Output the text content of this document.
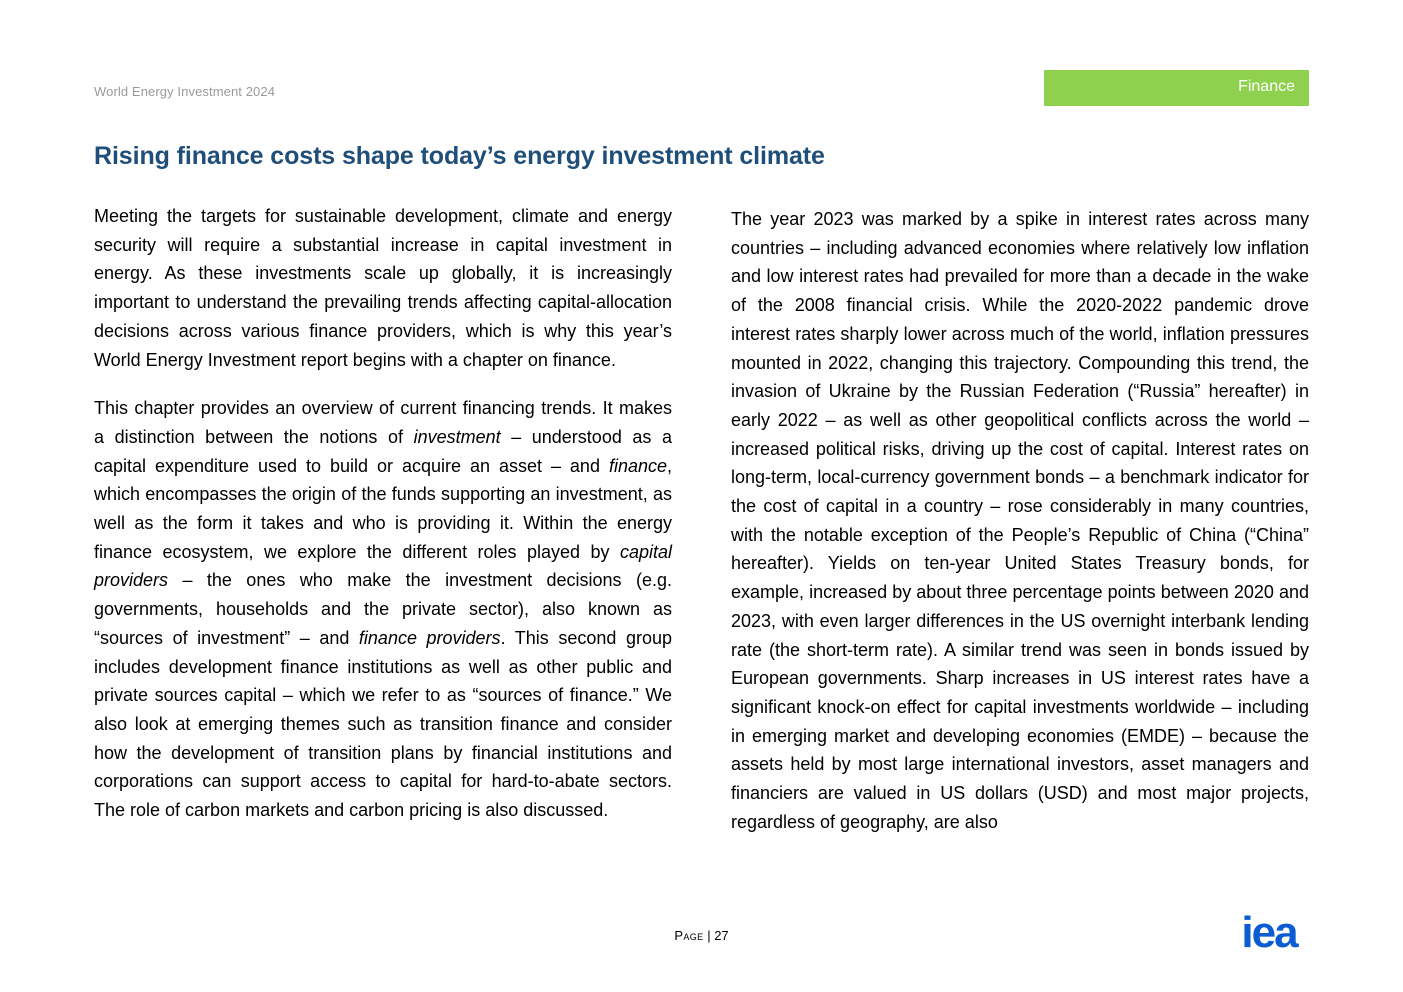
World Energy Investment 2024	Finance
Rising finance costs shape today’s energy investment climate

Meeting the targets for sustainable development, climate and energy security will require a substantial increase in capital investment in energy. As these investments scale up globally, it is increasingly important to understand the prevailing trends affecting capital-allocation decisions across various finance providers, which is why this year’s World Energy Investment report begins with a chapter on finance.

This chapter provides an overview of current financing trends. It makes a distinction between the notions of investment – understood as a capital expenditure used to build or acquire an asset – and finance, which encompasses the origin of the funds supporting an investment, as well as the form it takes and who is providing it. Within the energy finance ecosystem, we explore the different roles played by capital providers – the ones who make the investment decisions (e.g. governments, households and the private sector), also known as “sources of investment” – and finance providers. This second group includes development finance institutions as well as other public and private sources capital – which we refer to as “sources of finance.” We also look at emerging themes such as transition finance and consider how the development of transition plans by financial institutions and corporations can support access to capital for hard-to-abate sectors. The role of carbon markets and carbon pricing is also discussed.

The year 2023 was marked by a spike in interest rates across many countries – including advanced economies where relatively low inflation and low interest rates had prevailed for more than a decade in the wake of the 2008 financial crisis. While the 2020-2022 pandemic drove interest rates sharply lower across much of the world, inflation pressures mounted in 2022, changing this trajectory. Compounding this trend, the invasion of Ukraine by the Russian Federation (“Russia” hereafter) in early 2022 – as well as other geopolitical conflicts across the world – increased political risks, driving up the cost of capital. Interest rates on long-term, local-currency government bonds – a benchmark indicator for the cost of capital in a country – rose considerably in many countries, with the notable exception of the People’s Republic of China (“China” hereafter). Yields on ten-year United States Treasury bonds, for example, increased by about three percentage points between 2020 and 2023, with even larger differences in the US overnight interbank lending rate (the short-term rate). A similar trend was seen in bonds issued by European governments. Sharp increases in US interest rates have a significant knock-on effect for capital investments worldwide – including in emerging market and developing economies (EMDE) – because the assets held by most large international investors, asset managers and financiers are valued in US dollars (USD) and most major projects, regardless of geography, are also

Page | 27	iea
